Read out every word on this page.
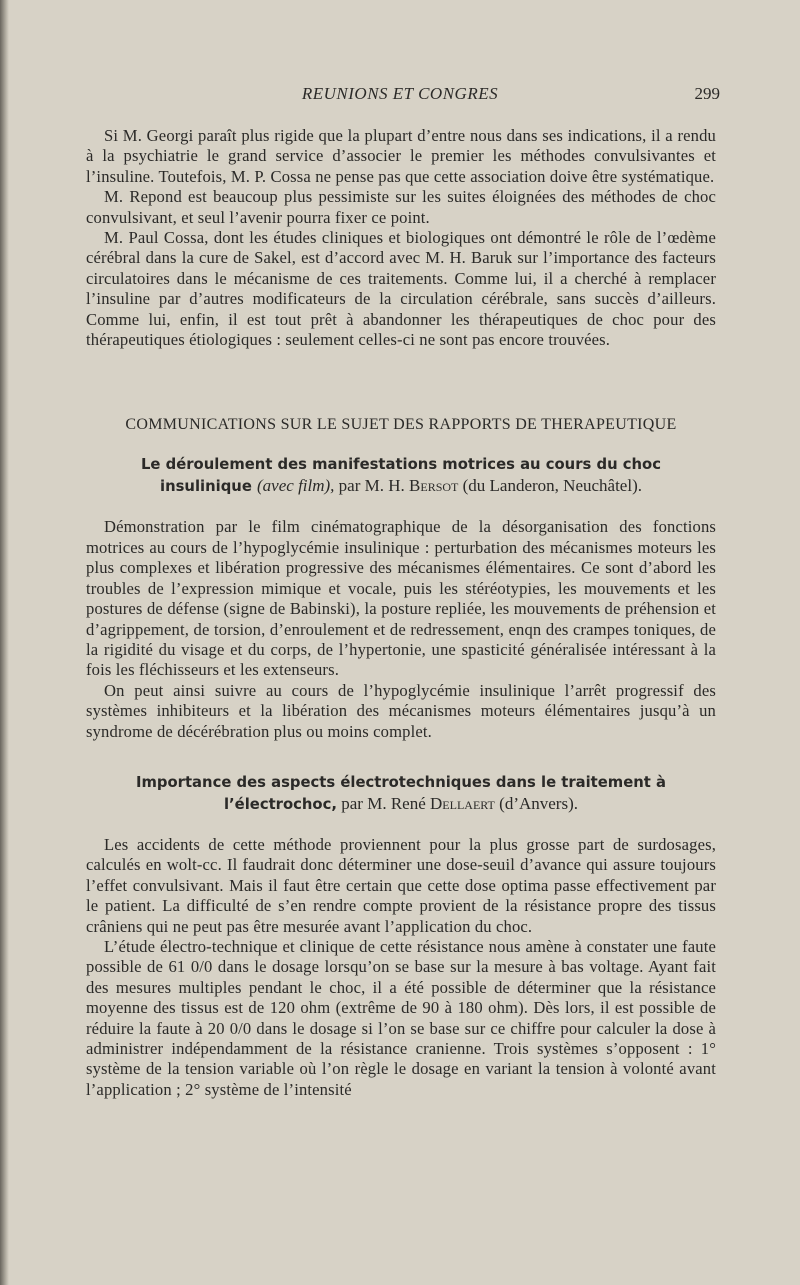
REUNIONS ET CONGRES	299

Si M. Georgi paraît plus rigide que la plupart d’entre nous dans ses indications, il a rendu à la psychiatrie le grand service d’associer le premier les méthodes convulsivantes et l’insuline. Toutefois, M. P. Cossa ne pense pas que cette association doive être systématique.

M. Repond est beaucoup plus pessimiste sur les suites éloignées des méthodes de choc convulsivant, et seul l’avenir pourra fixer ce point.

M. Paul Cossa, dont les études cliniques et biologiques ont démontré le rôle de l’œdème cérébral dans la cure de Sakel, est d’accord avec M. H. Baruk sur l’importance des facteurs circulatoires dans le mécanisme de ces traitements. Comme lui, il a cherché à remplacer l’insuline par d’autres modificateurs de la circulation cérébrale, sans succès d’ailleurs. Comme lui, enfin, il est tout prêt à abandonner les thérapeutiques de choc pour des thérapeutiques étiologiques : seulement celles-ci ne sont pas encore trouvées.

COMMUNICATIONS SUR LE SUJET DES RAPPORTS DE THERAPEUTIQUE
Le déroulement des manifestations motrices au cours du choc insulinique (avec film), par M. H. Bersot (du Landeron, Neuchâtel).

Démonstration par le film cinématographique de la désorganisation des fonctions motrices au cours de l’hypoglycémie insulinique : perturbation des mécanismes moteurs les plus complexes et libération progressive des mécanismes élémentaires. Ce sont d’abord les troubles de l’expression mimique et vocale, puis les stéréotypies, les mouvements et les postures de défense (signe de Babinski), la posture repliée, les mouvements de préhension et d’agrippement, de torsion, d’enroulement et de redressement, enqn des crampes toniques, de la rigidité du visage et du corps, de l’hypertonie, une spasticité généralisée intéressant à la fois les fléchisseurs et les extenseurs.

On peut ainsi suivre au cours de l’hypoglycémie insulinique l’arrêt progressif des systèmes inhibiteurs et la libération des mécanismes moteurs élémentaires jusqu’à un syndrome de décérébration plus ou moins complet.

Importance des aspects électrotechniques dans le traitement à l’électrochoc, par M. René Dellaert (d’Anvers).

Les accidents de cette méthode proviennent pour la plus grosse part de surdosages, calculés en wolt-cc. Il faudrait donc déterminer une dose-seuil d’avance qui assure toujours l’effet convulsivant. Mais il faut être certain que cette dose optima passe effectivement par le patient. La difficulté de s’en rendre compte provient de la résistance propre des tissus crâniens qui ne peut pas être mesurée avant l’application du choc.

L’étude électro-technique et clinique de cette résistance nous amène à constater une faute possible de 61 0/0 dans le dosage lorsqu’on se base sur la mesure à bas voltage. Ayant fait des mesures multiples pendant le choc, il a été possible de déterminer que la résistance moyenne des tissus est de 120 ohm (extrême de 90 à 180 ohm). Dès lors, il est possible de réduire la faute à 20 0/0 dans le dosage si l’on se base sur ce chiffre pour calculer la dose à administrer indépendamment de la résistance cranienne. Trois systèmes s’opposent : 1° système de la tension variable où l’on règle le dosage en variant la tension à volonté avant l’application ; 2° système de l’intensité
